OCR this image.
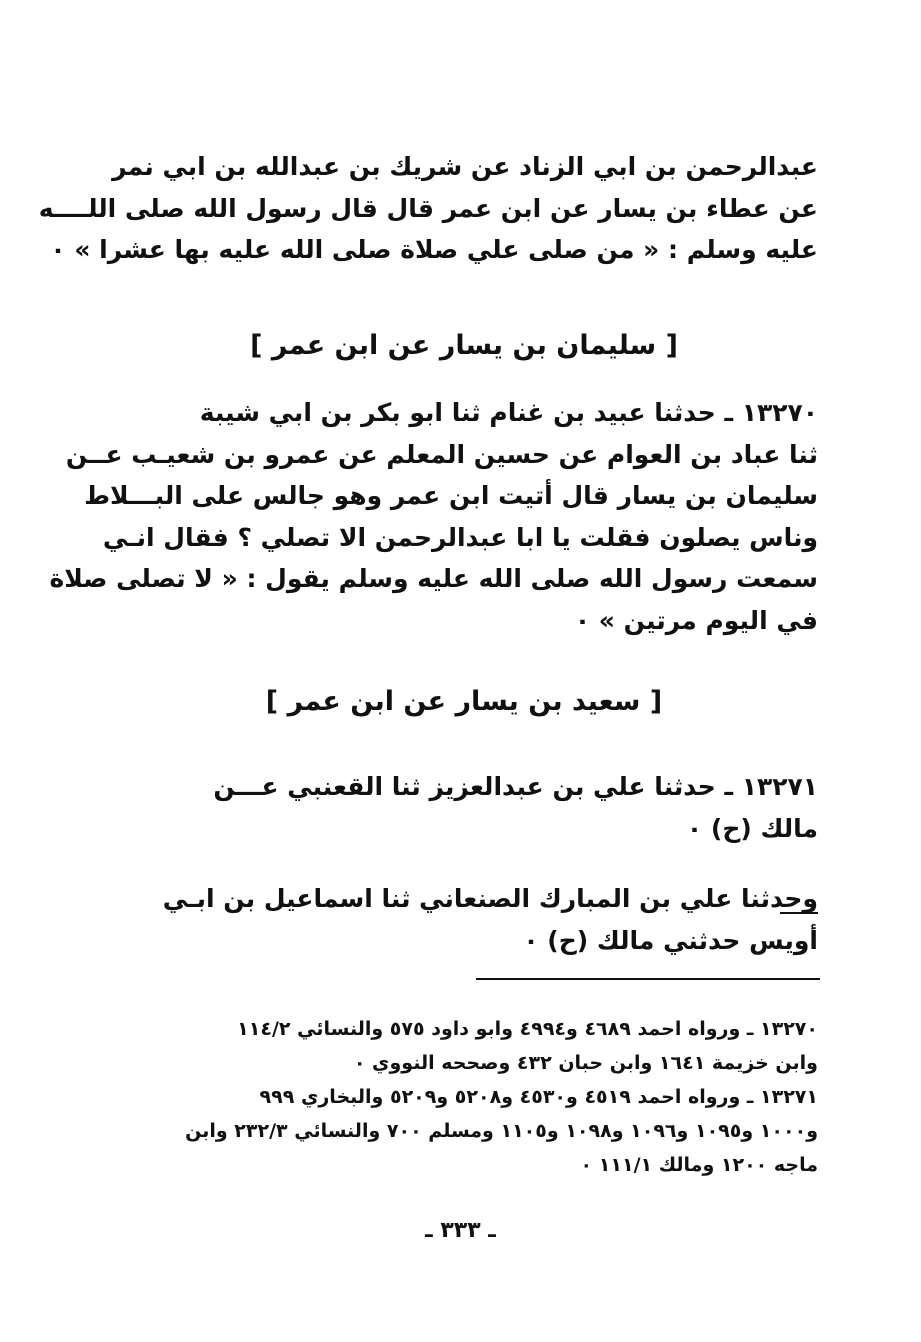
عبدالرحمن بن ابي الزناد عن شريك بن عبدالله بن ابي نمر
عن عطاء بن يسار عن ابن عمر قال قال رسول الله صلى اللــــه
عليه وسلم : « من صلى علي صلاة صلى الله عليه بها عشرا » ٠
[ سليمان بن يسار عن ابن عمر ]
١٣٢٧٠ ـ حدثنا عبيد بن غنام ثنا ابو بكر بن ابي شيبة
ثنا عباد بن العوام عن حسين المعلم عن عمرو بن شعيـب عــن
سليمان بن يسار قال أتيت ابن عمر وهو جالس على البـــلاط
وناس يصلون فقلت يا ابا عبدالرحمن الا تصلي ؟ فقال انـي
سمعت رسول الله صلى الله عليه وسلم يقول : « لا تصلى صلاة
في اليوم مرتين » ٠
[ سعيد بن يسار عن ابن عمر ]
١٣٢٧١ ـ حدثنا علي بن عبدالعزيز ثنا القعنبي عـــن
مالك (ح) ٠
وحدثنا علي بن المبارك الصنعاني ثنا اسماعيل بن ابـي
أويس حدثني مالك (ح) ٠
١٣٢٧٠ ـ ورواه احمد ٤٦٨٩ و٤٩٩٤ وابو داود ٥٧٥ والنسائي ١١٤/٢
وابن خزيمة ١٦٤١ وابن حبان ٤٣٢ وصححه النووي ٠
١٣٢٧١ ـ ورواه احمد ٤٥١٩ و٤٥٣٠ و٥٢٠٨ و٥٢٠٩ والبخاري ٩٩٩
و١٠٠٠ و١٠٩٥ و١٠٩٦ و١٠٩٨ و١١٠٥ ومسلم ٧٠٠ والنسائي ٢٣٢/٣ وابن
ماجه ١٢٠٠ ومالك ١١١/١ ٠
ـ ٣٣٣ ـ
